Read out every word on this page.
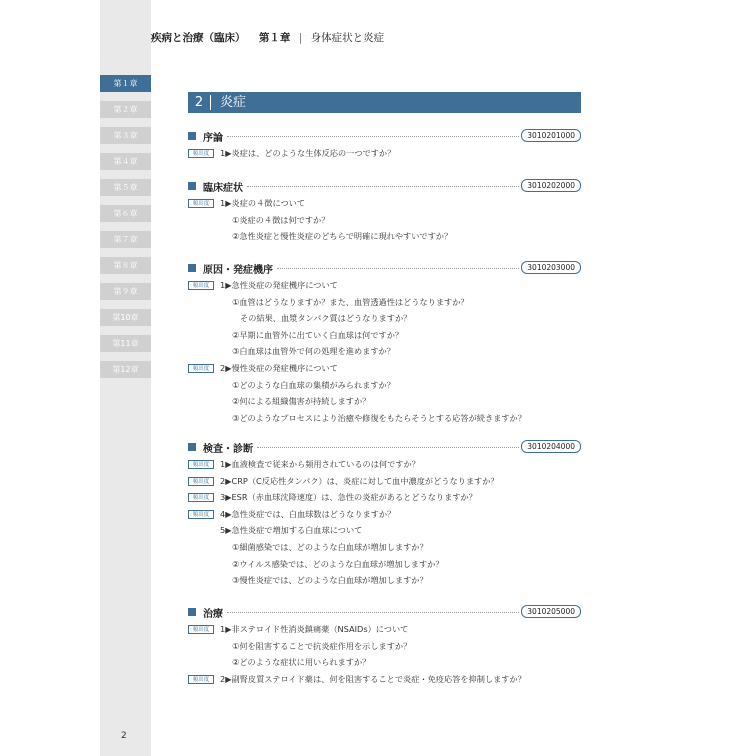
第１章
第２章
第３章
第４章
第５章
第６章
第７章
第８章
第９章
第10章
第11章
第12章
疾病と治療（臨床） 第１章 | 身体症状と炎症
2	炎症
序論	3010201000
頻出度	1▶炎症は、どのような生体反応の一つですか？
臨床症状	3010202000
頻出度	1▶炎症の４徴について
①炎症の４徴は何ですか？
②急性炎症と慢性炎症のどちらで明確に現れやすいですか？
原因・発症機序	3010203000
頻出度	1▶急性炎症の発症機序について
①血管はどうなりますか？また、血管透過性はどうなりますか？
その結果、血漿タンパク質はどうなりますか？
②早期に血管外に出ていく白血球は何ですか？
③白血球は血管外で何の処理を進めますか？
頻出度	2▶慢性炎症の発症機序について
①どのような白血球の集積がみられますか？
②何による組織傷害が持続しますか？
③どのようなプロセスにより治癒や修復をもたらそうとする応答が続きますか？
検査・診断	3010204000
頻出度	1▶血液検査で従来から頻用されているのは何ですか？
頻出度	2▶CRP（C反応性タンパク）は、炎症に対して血中濃度がどうなりますか？
頻出度	3▶ESR（赤血球沈降速度）は、急性の炎症があるとどうなりますか？
頻出度	4▶急性炎症では、白血球数はどうなりますか？
5▶急性炎症で増加する白血球について
①細菌感染では、どのような白血球が増加しますか？
②ウイルス感染では、どのような白血球が増加しますか？
③慢性炎症では、どのような白血球が増加しますか？
治療	3010205000
頻出度	1▶非ステロイド性消炎鎮痛薬（NSAIDs）について
①何を阻害することで抗炎症作用を示しますか？
②どのような症状に用いられますか？
頻出度	2▶副腎皮質ステロイド薬は、何を阻害することで炎症・免疫応答を抑制しますか？
2
